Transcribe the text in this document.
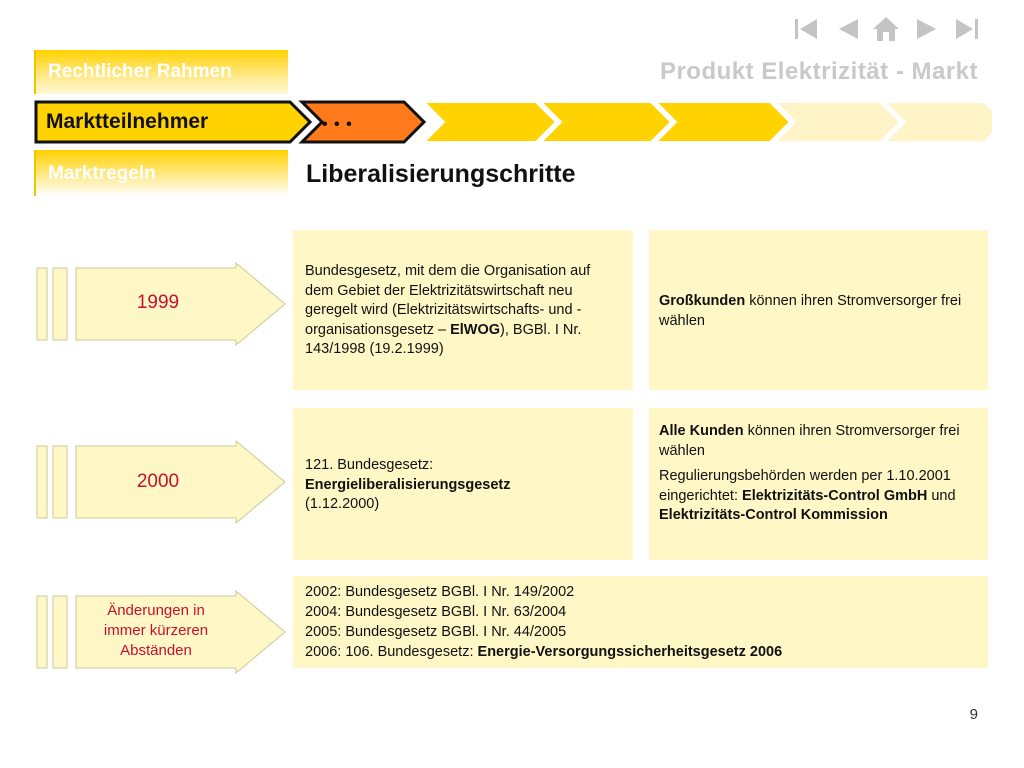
Produkt Elektrizität - Markt
Rechtlicher Rahmen
Marktteilnehmer	• • •
Marktregeln	Liberalisierungschritte
1999

Bundesgesetz, mit dem die Organisation auf dem Gebiet der Elektrizitätswirtschaft neu geregelt wird (Elektrizitätswirtschafts- und -organisationsgesetz – ElWOG), BGBl. I Nr. 143/1998 (19.2.1999)

Großkunden können ihren Stromversorger frei wählen

2000

121. Bundesgesetz:
Energieliberalisierungsgesetz
(1.12.2000)

Alle Kunden können ihren Stromversorger frei wählen

Regulierungsbehörden werden per 1.10.2001 eingerichtet: Elektrizitäts-Control GmbH und Elektrizitäts-Control Kommission

Änderungen in immer kürzeren Abständen

2002: Bundesgesetz BGBl. I Nr. 149/2002

2004: Bundesgesetz BGBl. I Nr. 63/2004

2005: Bundesgesetz BGBl. I Nr. 44/2005

2006: 106. Bundesgesetz: Energie-Versorgungssicherheitsgesetz 2006

9
